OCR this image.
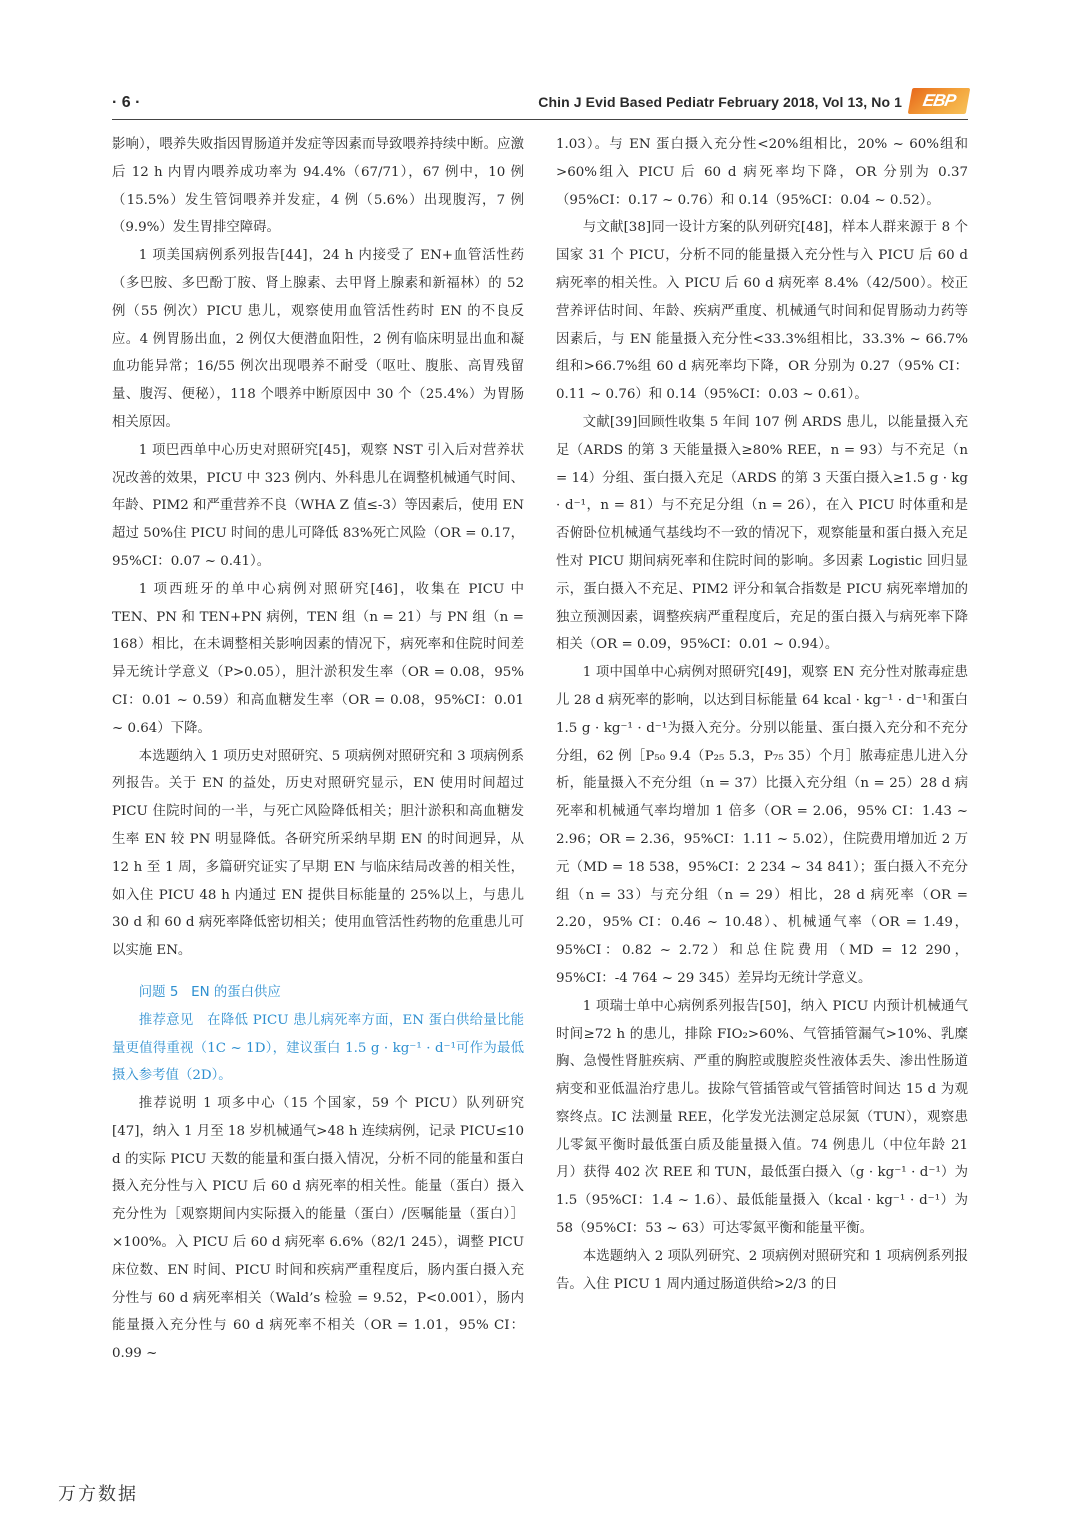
· 6 ·	Chin J Evid Based Pediatr February 2018, Vol 13, No 1	EBP

影响），喂养失败指因胃肠道并发症等因素而导致喂养持续中断。应激后 12 h 内胃内喂养成功率为 94.4%（67/71），67 例中，10 例（15.5%）发生管饲喂养并发症，4 例（5.6%）出现腹泻，7 例（9.9%）发生胃排空障碍。

1 项美国病例系列报告[44]，24 h 内接受了 EN+血管活性药（多巴胺、多巴酚丁胺、肾上腺素、去甲肾上腺素和新福林）的 52 例（55 例次）PICU 患儿，观察使用血管活性药时 EN 的不良反应。4 例胃肠出血，2 例仅大便潜血阳性，2 例有临床明显出血和凝血功能异常；16/55 例次出现喂养不耐受（呕吐、腹胀、高胃残留量、腹泻、便秘），118 个喂养中断原因中 30 个（25.4%）为胃肠相关原因。

1 项巴西单中心历史对照研究[45]，观察 NST 引入后对营养状况改善的效果，PICU 中 323 例内、外科患儿在调整机械通气时间、年龄、PIM2 和严重营养不良（WHA Z 值≤-3）等因素后，使用 EN 超过 50%住 PICU 时间的患儿可降低 83%死亡风险（OR = 0.17，95%CI：0.07 ~ 0.41）。

1 项西班牙的单中心病例对照研究[46]，收集在 PICU 中 TEN、PN 和 TEN+PN 病例，TEN 组（n = 21）与 PN 组（n = 168）相比，在未调整相关影响因素的情况下，病死率和住院时间差异无统计学意义（P>0.05），胆汁淤积发生率（OR = 0.08，95% CI：0.01 ~ 0.59）和高血糖发生率（OR = 0.08，95%CI：0.01 ~ 0.64）下降。

本选题纳入 1 项历史对照研究、5 项病例对照研究和 3 项病例系列报告。关于 EN 的益处，历史对照研究显示，EN 使用时间超过 PICU 住院时间的一半，与死亡风险降低相关；胆汁淤积和高血糖发生率 EN 较 PN 明显降低。各研究所采纳早期 EN 的时间迥异，从 12 h 至 1 周，多篇研究证实了早期 EN 与临床结局改善的相关性，如入住 PICU 48 h 内通过 EN 提供目标能量的 25%以上，与患儿 30 d 和 60 d 病死率降低密切相关；使用血管活性药物的危重患儿可以实施 EN。

问题 5 EN 的蛋白供应

推荐意见 在降低 PICU 患儿病死率方面，EN 蛋白供给量比能量更值得重视（1C ~ 1D），建议蛋白 1.5 g · kg⁻¹ · d⁻¹可作为最低摄入参考值（2D）。

推荐说明 1 项多中心（15 个国家，59 个 PICU）队列研究[47]，纳入 1 月至 18 岁机械通气>48 h 连续病例，记录 PICU≤10 d 的实际 PICU 天数的能量和蛋白摄入情况，分析不同的能量和蛋白摄入充分性与入 PICU 后 60 d 病死率的相关性。能量（蛋白）摄入充分性为［观察期间内实际摄入的能量（蛋白）/医嘱能量（蛋白）］×100%。入 PICU 后 60 d 病死率 6.6%（82/1 245），调整 PICU 床位数、EN 时间、PICU 时间和疾病严重程度后，肠内蛋白摄入充分性与 60 d 病死率相关（Wald’s 检验 = 9.52，P<0.001），肠内能量摄入充分性与 60 d 病死率不相关（OR = 1.01，95% CI：0.99 ~

1.03）。与 EN 蛋白摄入充分性<20%组相比，20% ~ 60%组和>60%组入 PICU 后 60 d 病死率均下降，OR 分别为 0.37（95%CI：0.17 ~ 0.76）和 0.14（95%CI：0.04 ~ 0.52）。

与文献[38]同一设计方案的队列研究[48]，样本人群来源于 8 个国家 31 个 PICU，分析不同的能量摄入充分性与入 PICU 后 60 d 病死率的相关性。入 PICU 后 60 d 病死率 8.4%（42/500）。校正营养评估时间、年龄、疾病严重度、机械通气时间和促胃肠动力药等因素后，与 EN 能量摄入充分性<33.3%组相比，33.3% ~ 66.7%组和>66.7%组 60 d 病死率均下降，OR 分别为 0.27（95% CI：0.11 ~ 0.76）和 0.14（95%CI：0.03 ~ 0.61）。

文献[39]回顾性收集 5 年间 107 例 ARDS 患儿，以能量摄入充足（ARDS 的第 3 天能量摄入≥80% REE，n = 93）与不充足（n = 14）分组、蛋白摄入充足（ARDS 的第 3 天蛋白摄入≥1.5 g · kg · d⁻¹，n = 81）与不充足分组（n = 26），在入 PICU 时体重和是否俯卧位机械通气基线均不一致的情况下，观察能量和蛋白摄入充足性对 PICU 期间病死率和住院时间的影响。多因素 Logistic 回归显示，蛋白摄入不充足、PIM2 评分和氧合指数是 PICU 病死率增加的独立预测因素，调整疾病严重程度后，充足的蛋白摄入与病死率下降相关（OR = 0.09，95%CI：0.01 ~ 0.94）。

1 项中国单中心病例对照研究[49]，观察 EN 充分性对脓毒症患儿 28 d 病死率的影响，以达到目标能量 64 kcal · kg⁻¹ · d⁻¹和蛋白 1.5 g · kg⁻¹ · d⁻¹为摄入充分。分别以能量、蛋白摄入充分和不充分分组，62 例［P₅₀ 9.4（P₂₅ 5.3，P₇₅ 35）个月］脓毒症患儿进入分析，能量摄入不充分组（n = 37）比摄入充分组（n = 25）28 d 病死率和机械通气率均增加 1 倍多（OR = 2.06，95% CI：1.43 ~ 2.96；OR = 2.36，95%CI：1.11 ~ 5.02），住院费用增加近 2 万元（MD = 18 538，95%CI：2 234 ~ 34 841）；蛋白摄入不充分组（n = 33）与充分组（n = 29）相比，28 d 病死率（OR = 2.20，95% CI：0.46 ~ 10.48）、机械通气率（OR = 1.49，95%CI：0.82 ~ 2.72）和总住院费用（MD = 12 290，95%CI：-4 764 ~ 29 345）差异均无统计学意义。

1 项瑞士单中心病例系列报告[50]，纳入 PICU 内预计机械通气时间≥72 h 的患儿，排除 FIO₂>60%、气管插管漏气>10%、乳糜胸、急慢性肾脏疾病、严重的胸腔或腹腔炎性液体丢失、渗出性肠道病变和亚低温治疗患儿。拔除气管插管或气管插管时间达 15 d 为观察终点。IC 法测量 REE，化学发光法测定总尿氮（TUN），观察患儿零氮平衡时最低蛋白质及能量摄入值。74 例患儿（中位年龄 21 月）获得 402 次 REE 和 TUN，最低蛋白摄入（g · kg⁻¹ · d⁻¹）为 1.5（95%CI：1.4 ~ 1.6）、最低能量摄入（kcal · kg⁻¹ · d⁻¹）为 58（95%CI：53 ~ 63）可达零氮平衡和能量平衡。

本选题纳入 2 项队列研究、2 项病例对照研究和 1 项病例系列报告。入住 PICU 1 周内通过肠道供给>2/3 的日

万方数据
